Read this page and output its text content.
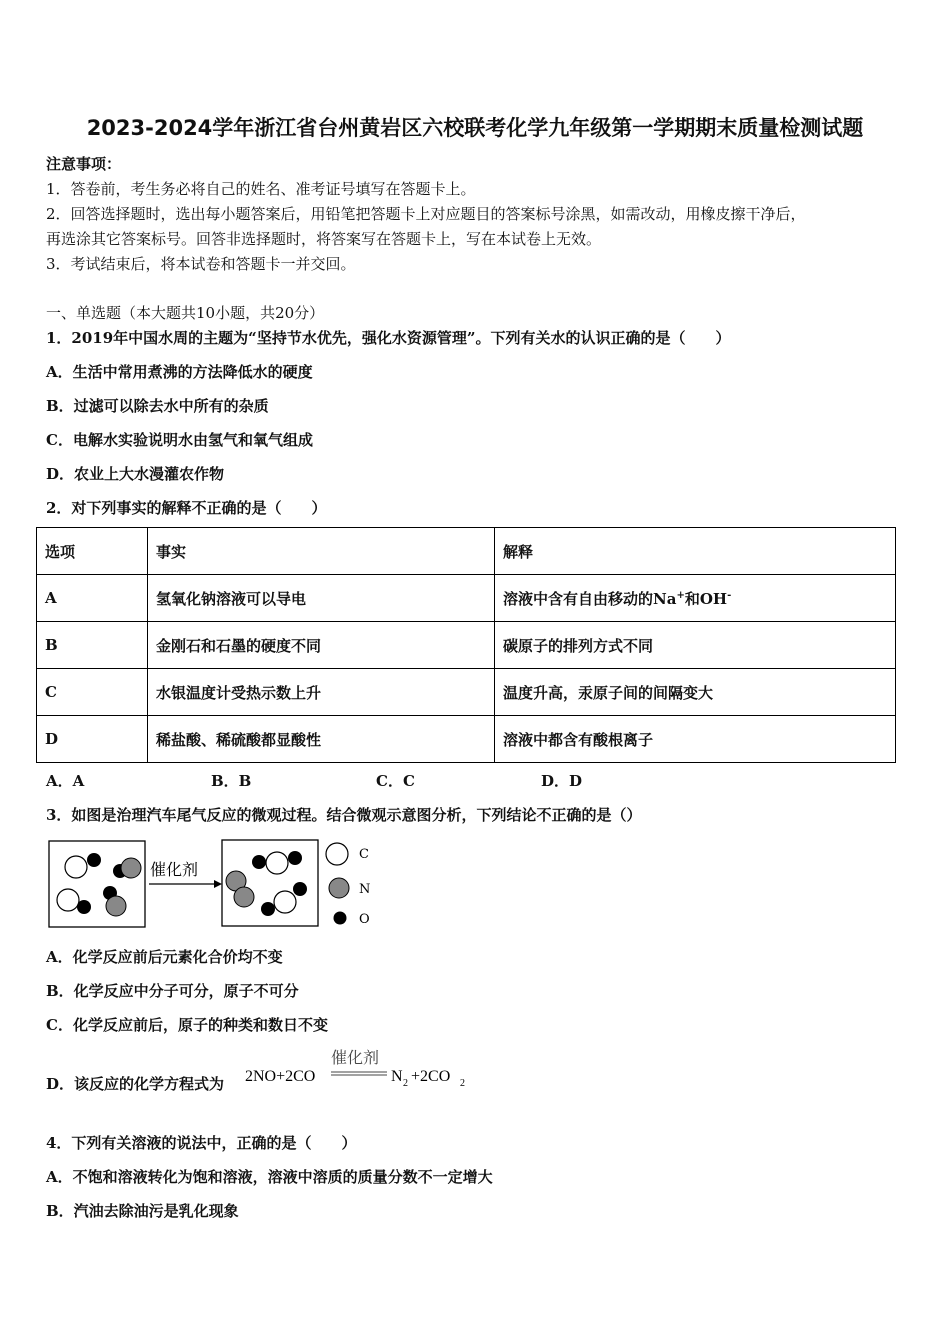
2023-2024学年浙江省台州黄岩区六校联考化学九年级第一学期期末质量检测试题
注意事项：
1．答卷前，考生务必将自己的姓名、准考证号填写在答题卡上。
2．回答选择题时，选出每小题答案后，用铅笔把答题卡上对应题目的答案标号涂黑，如需改动，用橡皮擦干净后，
再选涂其它答案标号。回答非选择题时，将答案写在答题卡上，写在本试卷上无效。
3．考试结束后，将本试卷和答题卡一并交回。
一、单选题（本大题共10小题，共20分）
1．2019年中国水周的主题为“坚持节水优先，强化水资源管理”。下列有关水的认识正确的是（　　）
A．生活中常用煮沸的方法降低水的硬度
B．过滤可以除去水中所有的杂质
C．电解水实验说明水由氢气和氧气组成
D．农业上大水漫灌农作物
2．对下列事实的解释不正确的是（　　）
选项	事实	解释
A	氢氧化钠溶液可以导电	溶液中含有自由移动的Na+和OH-
B	金刚石和石墨的硬度不同	碳原子的排列方式不同
C	水银温度计受热示数上升	温度升高，汞原子间的间隔变大
D	稀盐酸、稀硫酸都显酸性	溶液中都含有酸根离子
A．A	B．B	C．C	D．D
3．如图是治理汽车尾气反应的微观过程。结合微观示意图分析，下列结论不正确的是（）
催化剂
C
N
O
A．化学反应前后元素化合价均不变
B．化学反应中分子可分，原子不可分
C．化学反应前后，原子的种类和数日不变
D．该反应的化学方程式为 2NO+2CO
催化剂
N 2 +2CO 2
4．下列有关溶液的说法中，正确的是（　　）
A．不饱和溶液转化为饱和溶液，溶液中溶质的质量分数不一定增大
B．汽油去除油污是乳化现象
